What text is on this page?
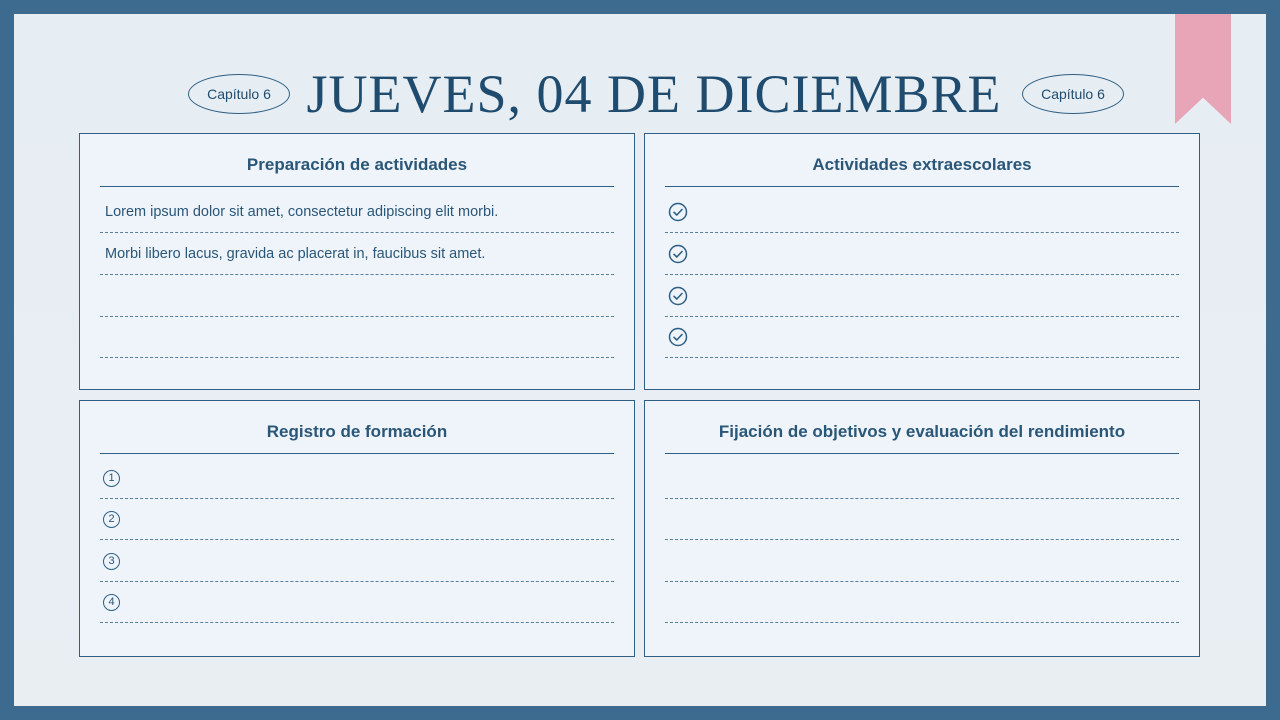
Capítulo 6 JUEVES, 04 DE DICIEMBRE	Capítulo 6
Preparación de actividades
Lorem ipsum dolor sit amet, consectetur adipiscing elit morbi.
Morbi libero lacus, gravida ac placerat in, faucibus sit amet.
Actividades extraescolares
Registro de formación
1
2
3
4
Fijación de objetivos y evaluación del rendimiento
